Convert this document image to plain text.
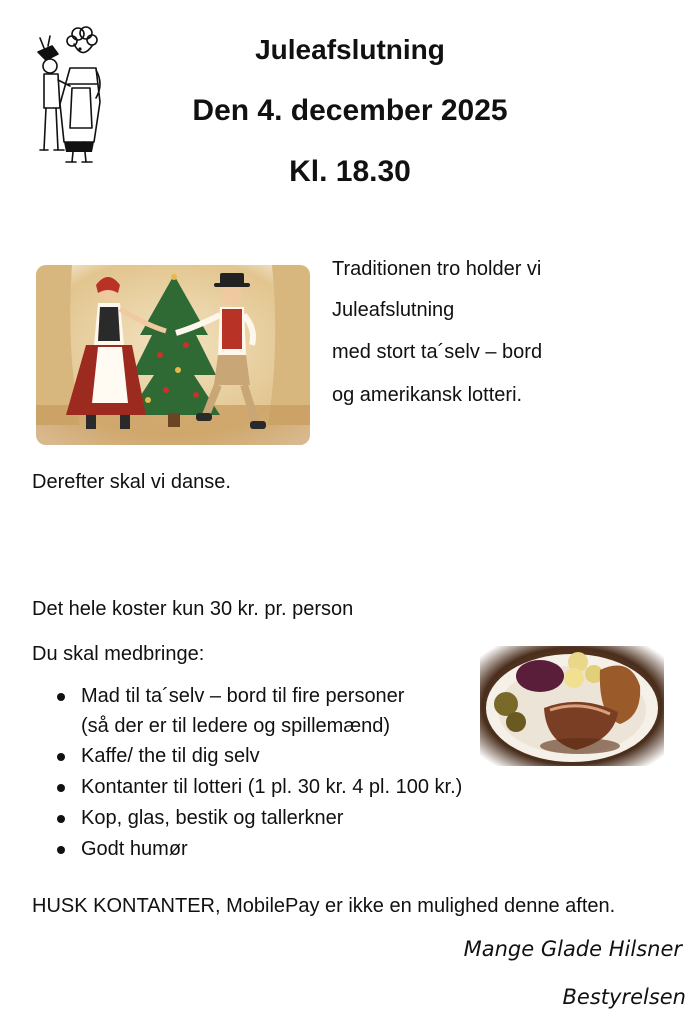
Juleafslutning
Den 4. december 2025
Kl. 18.30
Traditionen tro holder vi
Juleafslutning
med stort ta´selv – bord
og amerikansk lotteri.
Derefter skal vi danse.
Det hele koster kun 30 kr. pr. person
Du skal medbringe:
Mad til ta´selv – bord til fire personer
(så der er til ledere og spillemænd)
Kaffe/ the til dig selv
Kontanter til lotteri (1 pl. 30 kr. 4 pl. 100 kr.)
Kop, glas, bestik og tallerkner
Godt humør
HUSK KONTANTER, MobilePay er ikke en mulighed denne aften.
Mange Glade Hilsner
Bestyrelsen
